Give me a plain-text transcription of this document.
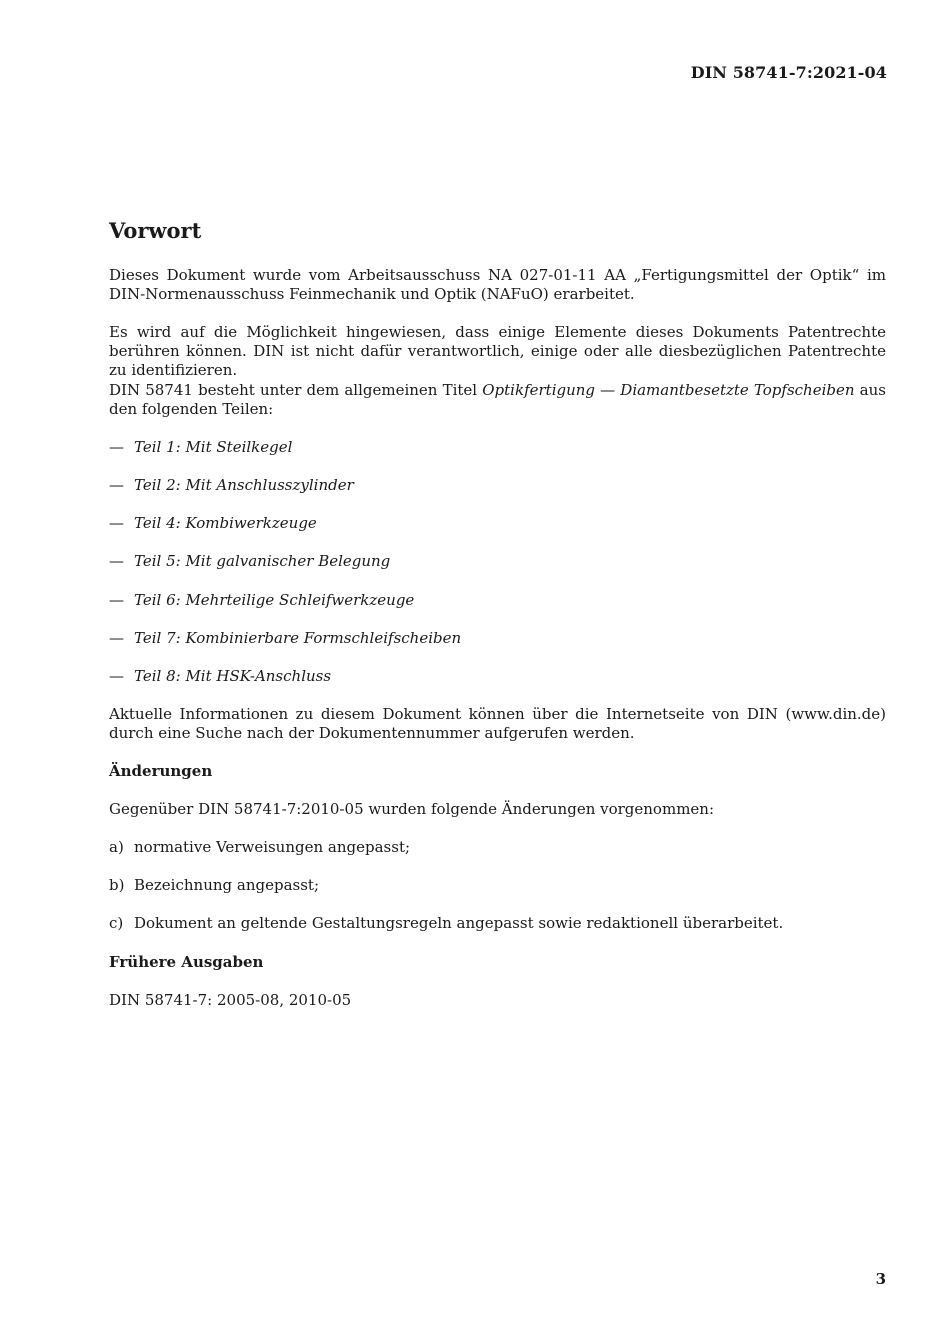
DIN 58741-7:2021-04
Vorwort

Dieses Dokument wurde vom Arbeitsausschuss NA 027-01-11 AA „Fertigungsmittel der Optik“ im DIN-Normenausschuss Feinmechanik und Optik (NAFuO) erarbeitet.

Es wird auf die Möglichkeit hingewiesen, dass einige Elemente dieses Dokuments Patentrechte berühren können. DIN ist nicht dafür verantwortlich, einige oder alle diesbezüglichen Patentrechte zu identifizieren.

DIN 58741 besteht unter dem allgemeinen Titel Optikfertigung — Diamantbesetzte Topfscheiben aus den folgenden Teilen:

— Teil 1: Mit Steilkegel

— Teil 2: Mit Anschlusszylinder

— Teil 4: Kombiwerkzeuge

— Teil 5: Mit galvanischer Belegung

— Teil 6: Mehrteilige Schleifwerkzeuge

— Teil 7: Kombinierbare Formschleifscheiben

— Teil 8: Mit HSK-Anschluss

Aktuelle Informationen zu diesem Dokument können über die Internetseite von DIN (www.din.de) durch eine Suche nach der Dokumentennummer aufgerufen werden.

Änderungen

Gegenüber DIN 58741-7:2010-05 wurden folgende Änderungen vorgenommen:

a) normative Verweisungen angepasst;

b) Bezeichnung angepasst;

c) Dokument an geltende Gestaltungsregeln angepasst sowie redaktionell überarbeitet.

Frühere Ausgaben

DIN 58741-7: 2005-08, 2010-05

3
